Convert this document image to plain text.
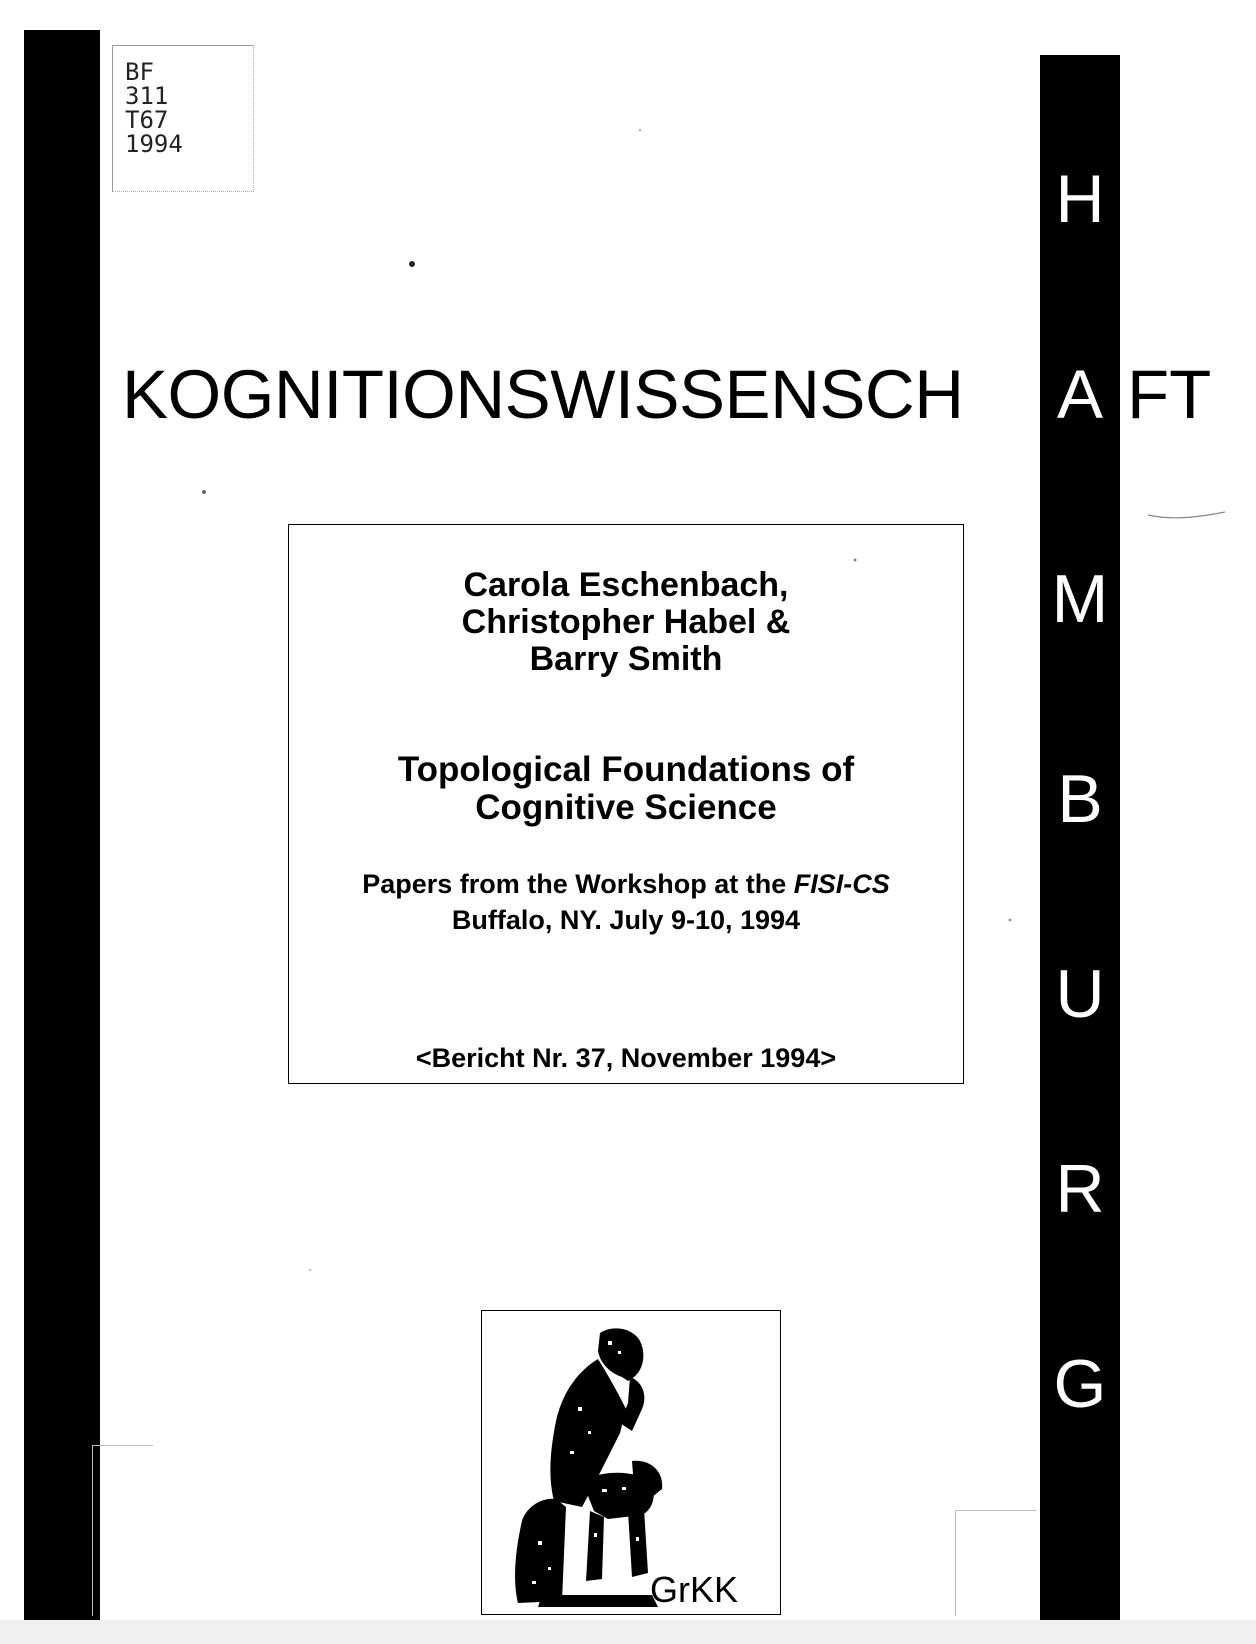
BF
311
T67
1994
H
M
B
U
R
G
KOGNITIONSWISSENSCH A FT
Carola Eschenbach,
Christopher Habel &
Barry Smith
Topological Foundations of
Cognitive Science
Papers from the Workshop at the FISI-CS
Buffalo, NY. July 9-10, 1994
<Bericht Nr. 37, November 1994>
GrKK
